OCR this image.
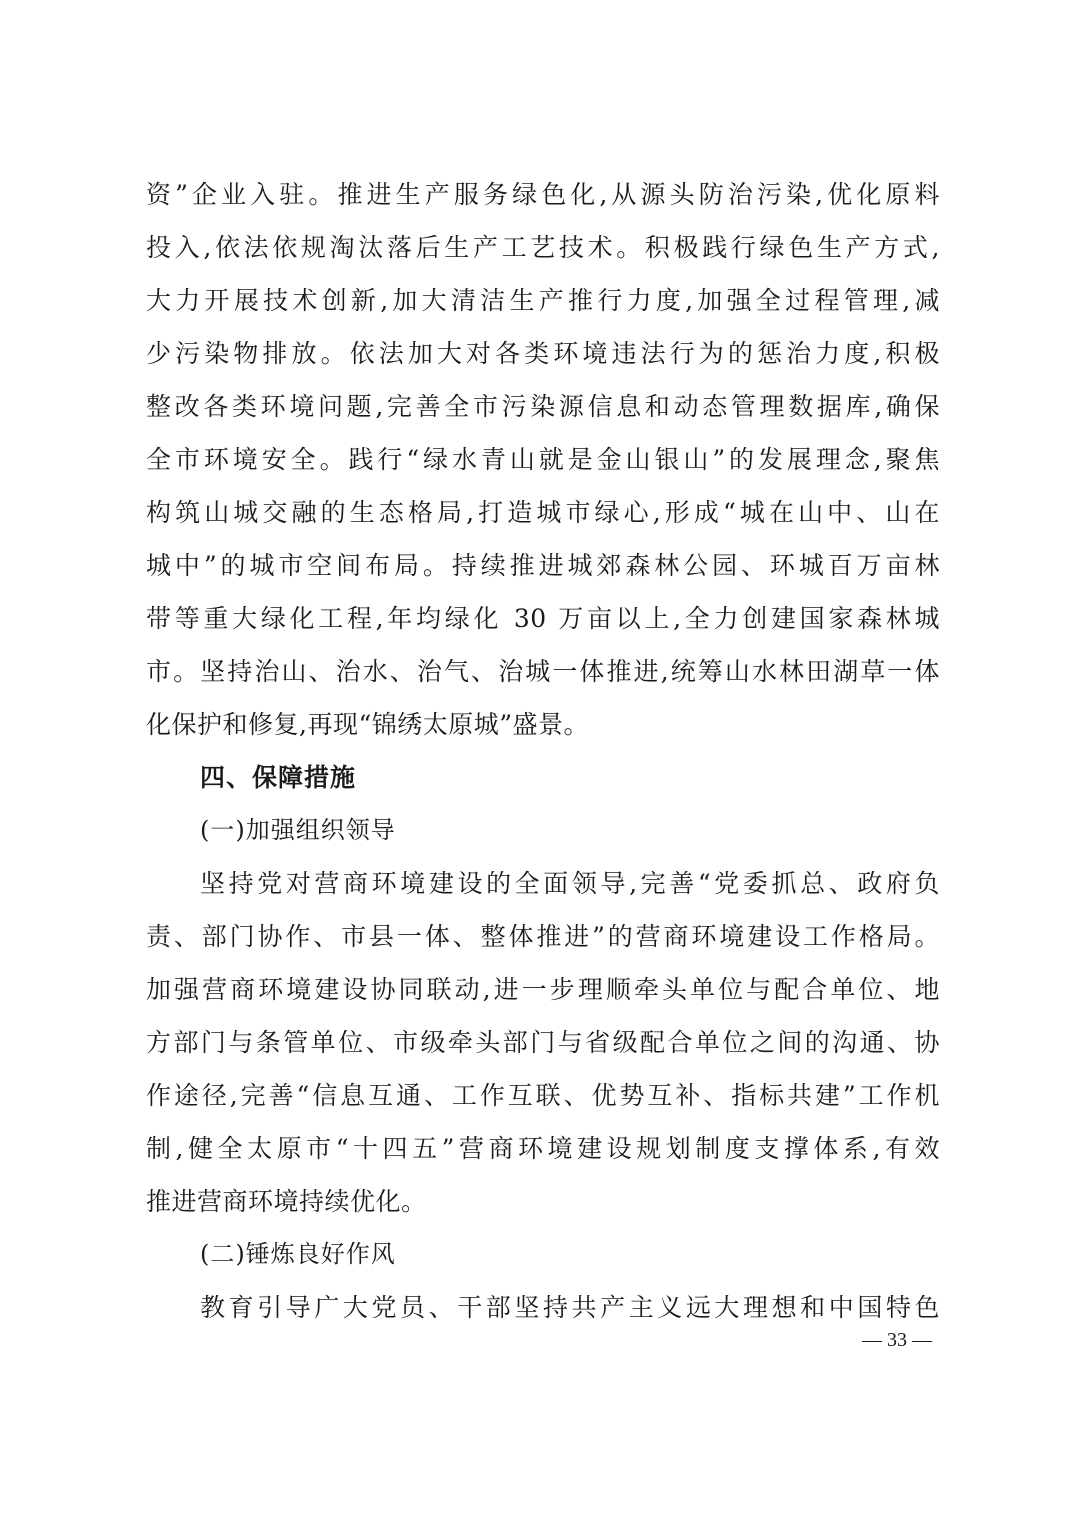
资”企业入驻。推进生产服务绿色化,从源头防治污染,优化原料
投入,依法依规淘汰落后生产工艺技术。积极践行绿色生产方式,
大力开展技术创新,加大清洁生产推行力度,加强全过程管理,减
少污染物排放。依法加大对各类环境违法行为的惩治力度,积极
整改各类环境问题,完善全市污染源信息和动态管理数据库,确保
全市环境安全。践行“绿水青山就是金山银山”的发展理念,聚焦
构筑山城交融的生态格局,打造城市绿心,形成“城在山中、山在
城中”的城市空间布局。持续推进城郊森林公园、环城百万亩林
带等重大绿化工程,年均绿化 30 万亩以上,全力创建国家森林城
市。坚持治山、治水、治气、治城一体推进,统筹山水林田湖草一体
化保护和修复,再现“锦绣太原城”盛景。
四、保障措施
(一)加强组织领导
坚持党对营商环境建设的全面领导,完善“党委抓总、政府负
责、部门协作、市县一体、整体推进”的营商环境建设工作格局。
加强营商环境建设协同联动,进一步理顺牵头单位与配合单位、地
方部门与条管单位、市级牵头部门与省级配合单位之间的沟通、协
作途径,完善“信息互通、工作互联、优势互补、指标共建”工作机
制,健全太原市“十四五”营商环境建设规划制度支撑体系,有效
推进营商环境持续优化。
(二)锤炼良好作风
教育引导广大党员、干部坚持共产主义远大理想和中国特色
— 33 —
